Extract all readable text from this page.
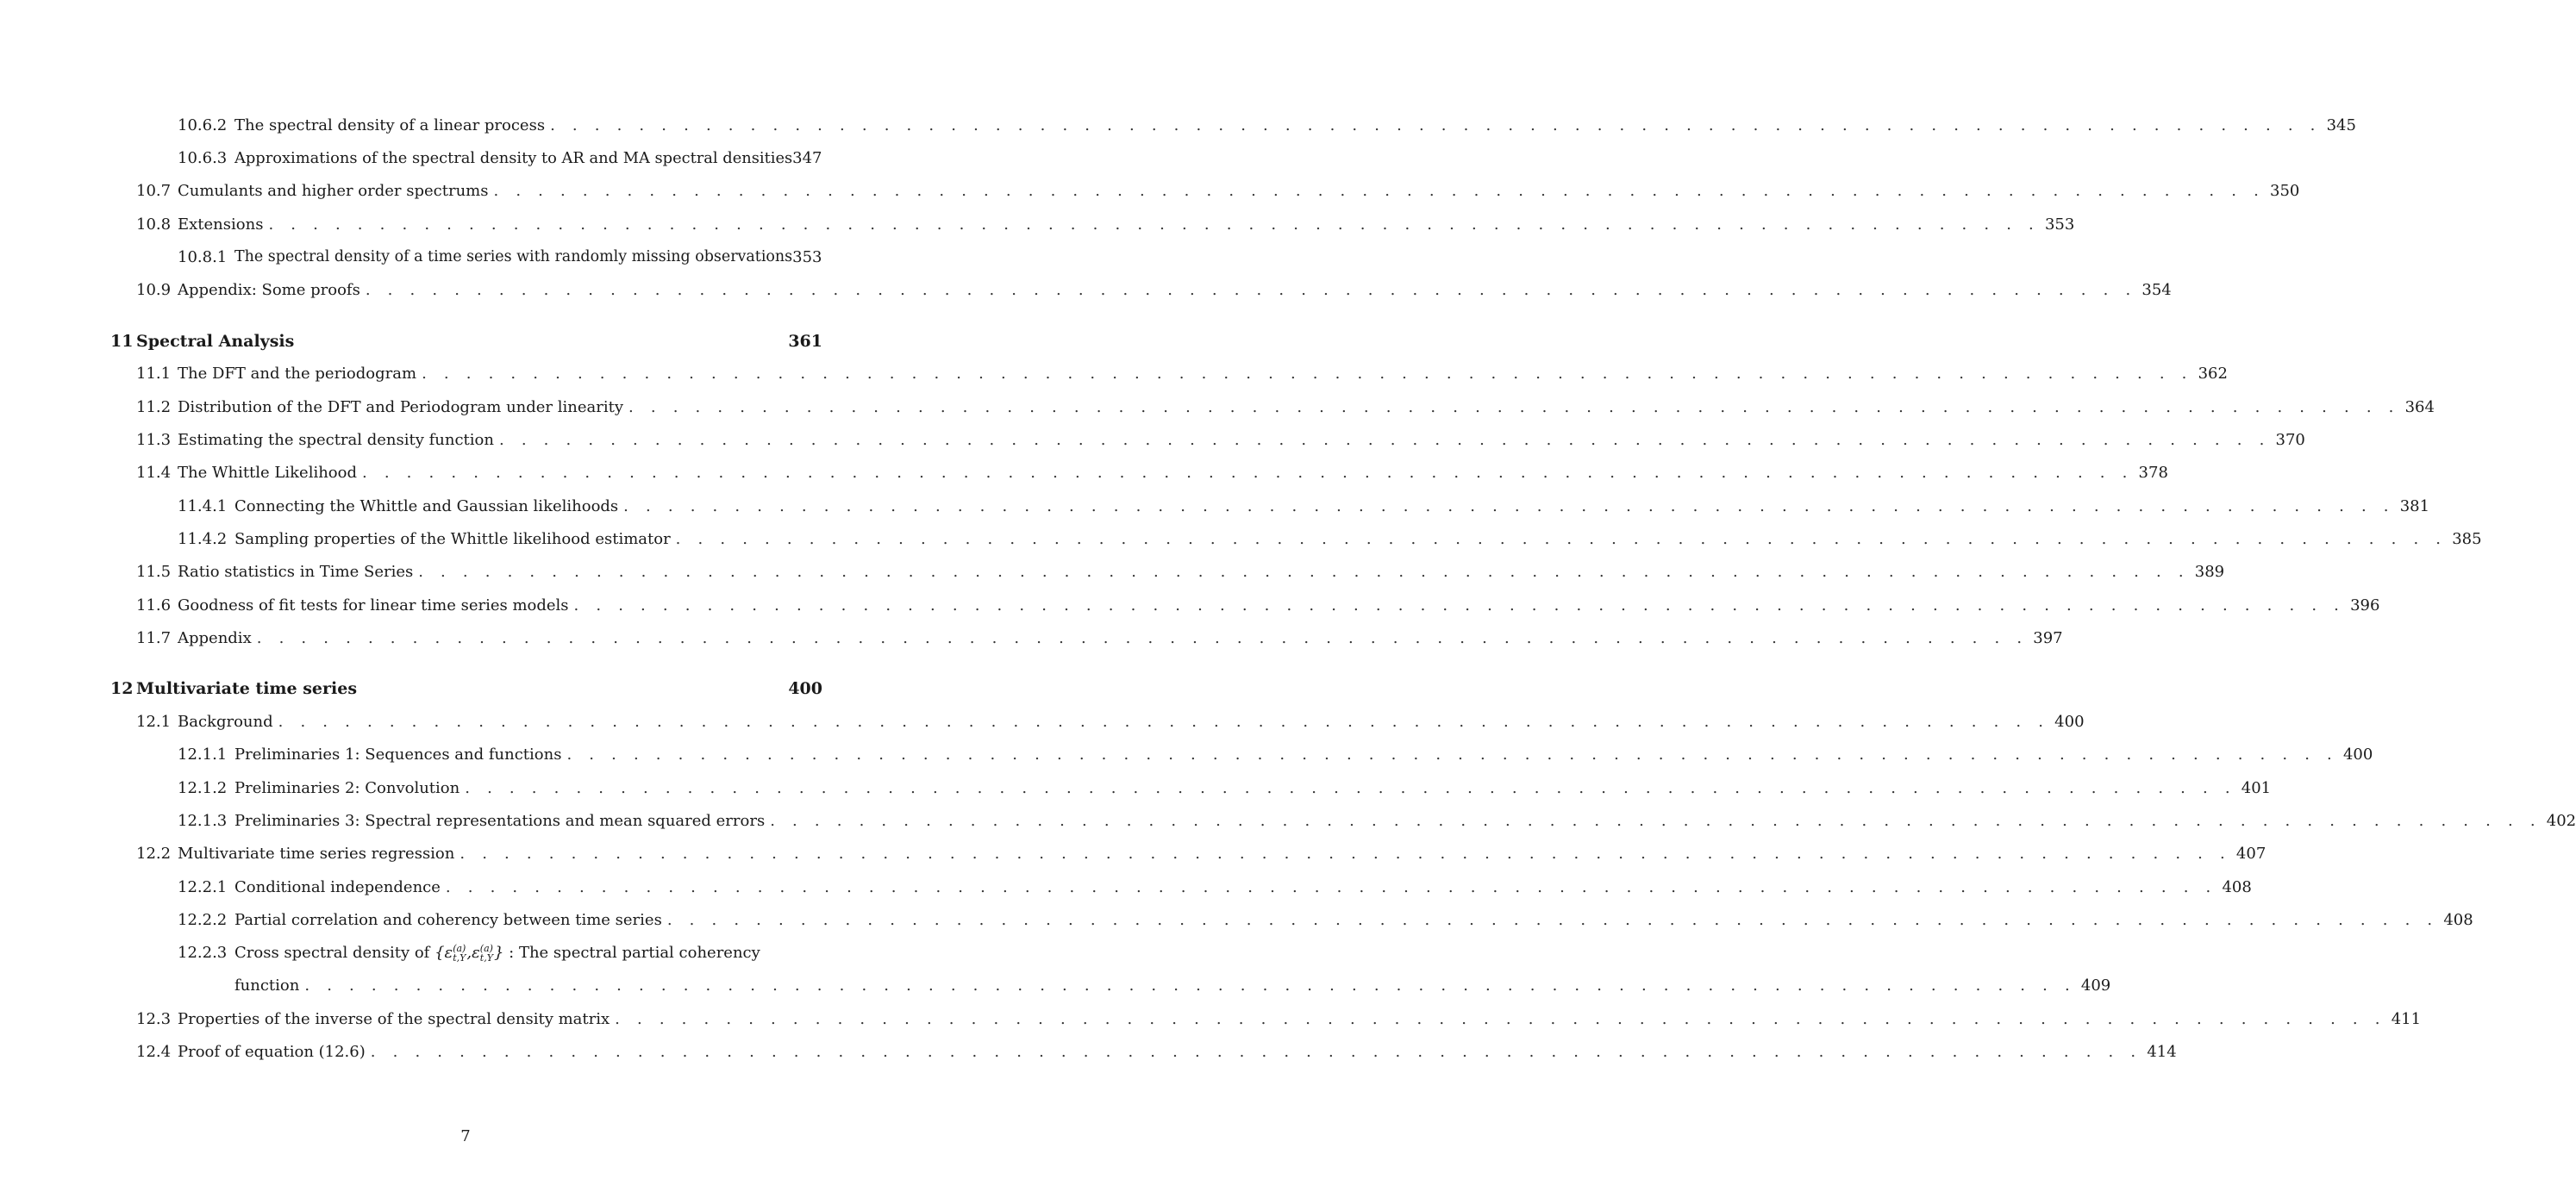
10.6.2 The spectral density of a linear process . . . . . . . . . . . . . . . . . . . . . . . . . . . . . . . . . . . . . . . . . . . . . . . . . . . . . . . . . . . . . . . . . . . . . . . . . . . . . . . . 345
10.6.3 Approximations of the spectral density to AR and MA spectral densities 347
10.7 Cumulants and higher order spectrums . . . . . . . . . . . . . . . . . . . . . . . . . . . . . . . . . . . . . . . . . . . . . . . . . . . . . . . . . . . . . . . . . . . . . . . . . . . . . . . . 350
10.8 Extensions . . . . . . . . . . . . . . . . . . . . . . . . . . . . . . . . . . . . . . . . . . . . . . . . . . . . . . . . . . . . . . . . . . . . . . . . . . . . . . . . 353
10.8.1 The spectral density of a time series with randomly missing observations 353
10.9 Appendix: Some proofs . . . . . . . . . . . . . . . . . . . . . . . . . . . . . . . . . . . . . . . . . . . . . . . . . . . . . . . . . . . . . . . . . . . . . . . . . . . . . . . . 354
11 Spectral Analysis	361
11.1 The DFT and the periodogram . . . . . . . . . . . . . . . . . . . . . . . . . . . . . . . . . . . . . . . . . . . . . . . . . . . . . . . . . . . . . . . . . . . . . . . . . . . . . . . . 362
11.2 Distribution of the DFT and Periodogram under linearity . . . . . . . . . . . . . . . . . . . . . . . . . . . . . . . . . . . . . . . . . . . . . . . . . . . . . . . . . . . . . . . . . . . . . . . . . . . . . . . . 364
11.3 Estimating the spectral density function . . . . . . . . . . . . . . . . . . . . . . . . . . . . . . . . . . . . . . . . . . . . . . . . . . . . . . . . . . . . . . . . . . . . . . . . . . . . . . . . 370
11.4 The Whittle Likelihood . . . . . . . . . . . . . . . . . . . . . . . . . . . . . . . . . . . . . . . . . . . . . . . . . . . . . . . . . . . . . . . . . . . . . . . . . . . . . . . . 378
11.4.1 Connecting the Whittle and Gaussian likelihoods . . . . . . . . . . . . . . . . . . . . . . . . . . . . . . . . . . . . . . . . . . . . . . . . . . . . . . . . . . . . . . . . . . . . . . . . . . . . . . . . 381
11.4.2 Sampling properties of the Whittle likelihood estimator . . . . . . . . . . . . . . . . . . . . . . . . . . . . . . . . . . . . . . . . . . . . . . . . . . . . . . . . . . . . . . . . . . . . . . . . . . . . . . . . 385
11.5 Ratio statistics in Time Series . . . . . . . . . . . . . . . . . . . . . . . . . . . . . . . . . . . . . . . . . . . . . . . . . . . . . . . . . . . . . . . . . . . . . . . . . . . . . . . . 389
11.6 Goodness of fit tests for linear time series models . . . . . . . . . . . . . . . . . . . . . . . . . . . . . . . . . . . . . . . . . . . . . . . . . . . . . . . . . . . . . . . . . . . . . . . . . . . . . . . . 396
11.7 Appendix . . . . . . . . . . . . . . . . . . . . . . . . . . . . . . . . . . . . . . . . . . . . . . . . . . . . . . . . . . . . . . . . . . . . . . . . . . . . . . . . 397
12 Multivariate time series	400
12.1 Background . . . . . . . . . . . . . . . . . . . . . . . . . . . . . . . . . . . . . . . . . . . . . . . . . . . . . . . . . . . . . . . . . . . . . . . . . . . . . . . . 400
12.1.1 Preliminaries 1: Sequences and functions . . . . . . . . . . . . . . . . . . . . . . . . . . . . . . . . . . . . . . . . . . . . . . . . . . . . . . . . . . . . . . . . . . . . . . . . . . . . . . . . 400
12.1.2 Preliminaries 2: Convolution . . . . . . . . . . . . . . . . . . . . . . . . . . . . . . . . . . . . . . . . . . . . . . . . . . . . . . . . . . . . . . . . . . . . . . . . . . . . . . . . 401
12.1.3 Preliminaries 3: Spectral representations and mean squared errors . . . . . . . . . . . . . . . . . . . . . . . . . . . . . . . . . . . . . . . . . . . . . . . . . . . . . . . . . . . . . . . . . . . . . . . . . . . . . . . . 402
12.2 Multivariate time series regression . . . . . . . . . . . . . . . . . . . . . . . . . . . . . . . . . . . . . . . . . . . . . . . . . . . . . . . . . . . . . . . . . . . . . . . . . . . . . . . . 407
12.2.1 Conditional independence . . . . . . . . . . . . . . . . . . . . . . . . . . . . . . . . . . . . . . . . . . . . . . . . . . . . . . . . . . . . . . . . . . . . . . . . . . . . . . . . 408
12.2.2 Partial correlation and coherency between time series . . . . . . . . . . . . . . . . . . . . . . . . . . . . . . . . . . . . . . . . . . . . . . . . . . . . . . . . . . . . . . . . . . . . . . . . . . . . . . . . 408
12.2.3 Cross spectral density of {ε (a)
t,Y ,ε (a)
t,Y } : The spectral partial coherency
function . . . . . . . . . . . . . . . . . . . . . . . . . . . . . . . . . . . . . . . . . . . . . . . . . . . . . . . . . . . . . . . . . . . . . . . . . . . . . . . . 409
12.3 Properties of the inverse of the spectral density matrix . . . . . . . . . . . . . . . . . . . . . . . . . . . . . . . . . . . . . . . . . . . . . . . . . . . . . . . . . . . . . . . . . . . . . . . . . . . . . . . . 411
12.4 Proof of equation (12.6) . . . . . . . . . . . . . . . . . . . . . . . . . . . . . . . . . . . . . . . . . . . . . . . . . . . . . . . . . . . . . . . . . . . . . . . . . . . . . . . . 414
7
